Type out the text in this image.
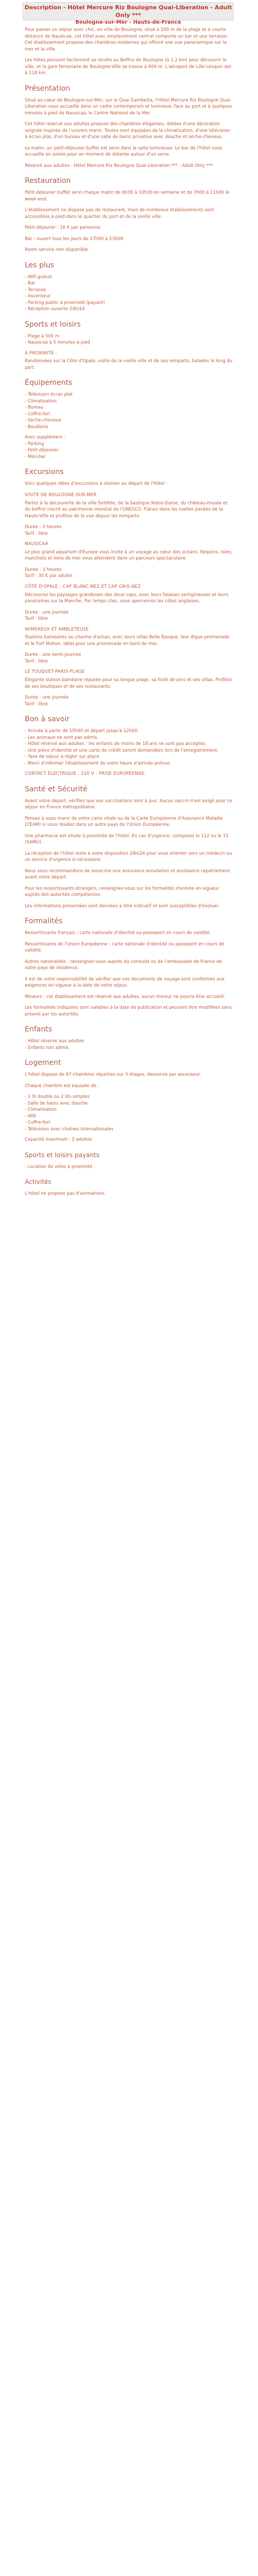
Description - Hôtel Mercure Riz Boulogne Quai-Liberation - Adult Only ***
Boulogne-sur-Mer - Hauts-de-France

Pour passer un séjour avec chic, en ville de Boulogne, situé à 500 m de la plage et à courte distance de Nausicaá, cet hôtel avec emplacement central comporte un bar et une terrasse. Cet établissement propose des chambres modernes qui offrent une vue panoramique sur la mer et la ville.

Les hôtes peuvent facilement se rendre au Beffroi de Boulogne (à 1,2 km) pour découvrir la ville, et la gare ferroviaire de Boulogne-Ville se trouve à 600 m. L'aéroport de Lille-Lesquin est à 118 km.

Présentation

Situé au cœur de Boulogne-sur-Mer, sur le Quai Gambetta, l'Hôtel Mercure Riz Boulogne Quai-Liberation vous accueille dans un cadre contemporain et lumineux, face au port et à quelques minutes à pied de Nausicaá, le Centre National de la Mer.

Cet hôtel réservé aux adultes propose des chambres élégantes, dotées d'une décoration soignée inspirée de l'univers marin. Toutes sont équipées de la climatisation, d'une télévision à écran plat, d'un bureau et d'une salle de bains privative avec douche et sèche-cheveux.

Le matin, un petit-déjeuner buffet est servi dans la salle lumineuse. Le bar de l'hôtel vous accueille en soirée pour un moment de détente autour d'un verre.

Réservé aux adultes - Hôtel Mercure Riz Boulogne Quai-Liberation *** - Adult Only ***

Restauration

Petit-déjeuner buffet servi chaque matin de 6h30 à 10h30 en semaine et de 7h00 à 11h00 le week-end.

L'établissement ne dispose pas de restaurant, mais de nombreux établissements sont accessibles à pied dans le quartier du port et de la vieille ville.

Petit-déjeuner : 16 € par personne.

Bar : ouvert tous les jours de 17h00 à 23h00.

Room service non disponible.

Les plus
- Wifi gratuit
- Bar
- Terrasse
- Ascenseur
- Parking public à proximité (payant)
- Réception ouverte 24h/24
Sports et loisirs
- Plage à 500 m
- Nausicaá à 5 minutes à pied
À PROXIMITÉ :

Randonnées sur la Côte d'Opale, visite de la vieille ville et de ses remparts, balades le long du port.

Équipements
- Télévision écran plat
- Climatisation
- Bureau
- Coffre-fort
- Sèche-cheveux
- Bouilloire
Avec supplément :
- Parking
- Petit-déjeuner
- Mini-bar
Excursions

Voici quelques idées d'excursions à réaliser au départ de l'hôtel :

VISITE DE BOULOGNE-SUR-MER

Partez à la découverte de la ville fortifiée, de la basilique Notre-Dame, du château-musée et du beffroi inscrit au patrimoine mondial de l'UNESCO. Flânez dans les ruelles pavées de la Haute-Ville et profitez de la vue depuis les remparts.

Durée : 3 heures
Tarif : libre
NAUSICAÁ

Le plus grand aquarium d'Europe vous invite à un voyage au cœur des océans. Requins, raies, manchots et lions de mer vous attendent dans un parcours spectaculaire.

Durée : 3 heures
Tarif : 30 € par adulte
CÔTE D'OPALE - CAP BLANC-NEZ ET CAP GRIS-NEZ

Découvrez les paysages grandioses des deux caps, avec leurs falaises vertigineuses et leurs panoramas sur la Manche. Par temps clair, vous apercevrez les côtes anglaises.

Durée : une journée
Tarif : libre
WIMEREUX ET AMBLETEUSE

Stations balnéaires au charme d'antan, avec leurs villas Belle Époque, leur digue-promenade et le Fort Mahon. Idéal pour une promenade en bord de mer.

Durée : une demi-journée
Tarif : libre
LE TOUQUET-PARIS-PLAGE

Élégante station balnéaire réputée pour sa longue plage, sa forêt de pins et ses villas. Profitez de ses boutiques et de ses restaurants.

Durée : une journée
Tarif : libre
Bon à savoir
- Arrivée à partir de 15h00 et départ jusqu'à 12h00.
- Les animaux ne sont pas admis.
- Hôtel réservé aux adultes : les enfants de moins de 18 ans ne sont pas acceptés.
- Une pièce d'identité et une carte de crédit seront demandées lors de l'enregistrement.
- Taxe de séjour à régler sur place.
- Merci d'informer l'établissement de votre heure d'arrivée prévue.
CONTACT ÉLECTRIQUE : 220 V - PRISE EUROPÉENNE.
Santé et Sécurité

Avant votre départ, vérifiez que vos vaccinations sont à jour. Aucun vaccin n'est exigé pour ce séjour en France métropolitaine.

Pensez à vous munir de votre carte vitale ou de la Carte Européenne d'Assurance Maladie (CEAM) si vous résidez dans un autre pays de l'Union Européenne.

Une pharmacie est située à proximité de l'hôtel. En cas d'urgence, composez le 112 ou le 15 (SAMU).

La réception de l'hôtel reste à votre disposition 24h/24 pour vous orienter vers un médecin ou un service d'urgence si nécessaire.

Nous vous recommandons de souscrire une assurance annulation et assistance rapatriement avant votre départ.

Pour les ressortissants étrangers, renseignez-vous sur les formalités d'entrée en vigueur auprès des autorités compétentes.

Les informations présentées sont données à titre indicatif et sont susceptibles d'évoluer.

Formalités

Ressortissants français : carte nationale d'identité ou passeport en cours de validité.

Ressortissants de l'Union Européenne : carte nationale d'identité ou passeport en cours de validité.

Autres nationalités : renseignez-vous auprès du consulat ou de l'ambassade de France de votre pays de résidence.

Il est de votre responsabilité de vérifier que vos documents de voyage sont conformes aux exigences en vigueur à la date de votre séjour.

Mineurs : cet établissement est réservé aux adultes, aucun mineur ne pourra être accueilli.

Les formalités indiquées sont valables à la date de publication et peuvent être modifiées sans préavis par les autorités.

Enfants
- Hôtel réservé aux adultes
- Enfants non admis
Logement

L'hôtel dispose de 67 chambres réparties sur 5 étages, desservis par ascenseur.

Chaque chambre est équipée de :

- 1 lit double ou 2 lits simples
- Salle de bains avec douche
- Climatisation
- Wifi
- Coffre-fort
- Télévision avec chaînes internationales

Capacité maximum : 2 adultes

Sports et loisirs payants
- Location de vélos à proximité
Activités

L'hôtel ne propose pas d'animations.
